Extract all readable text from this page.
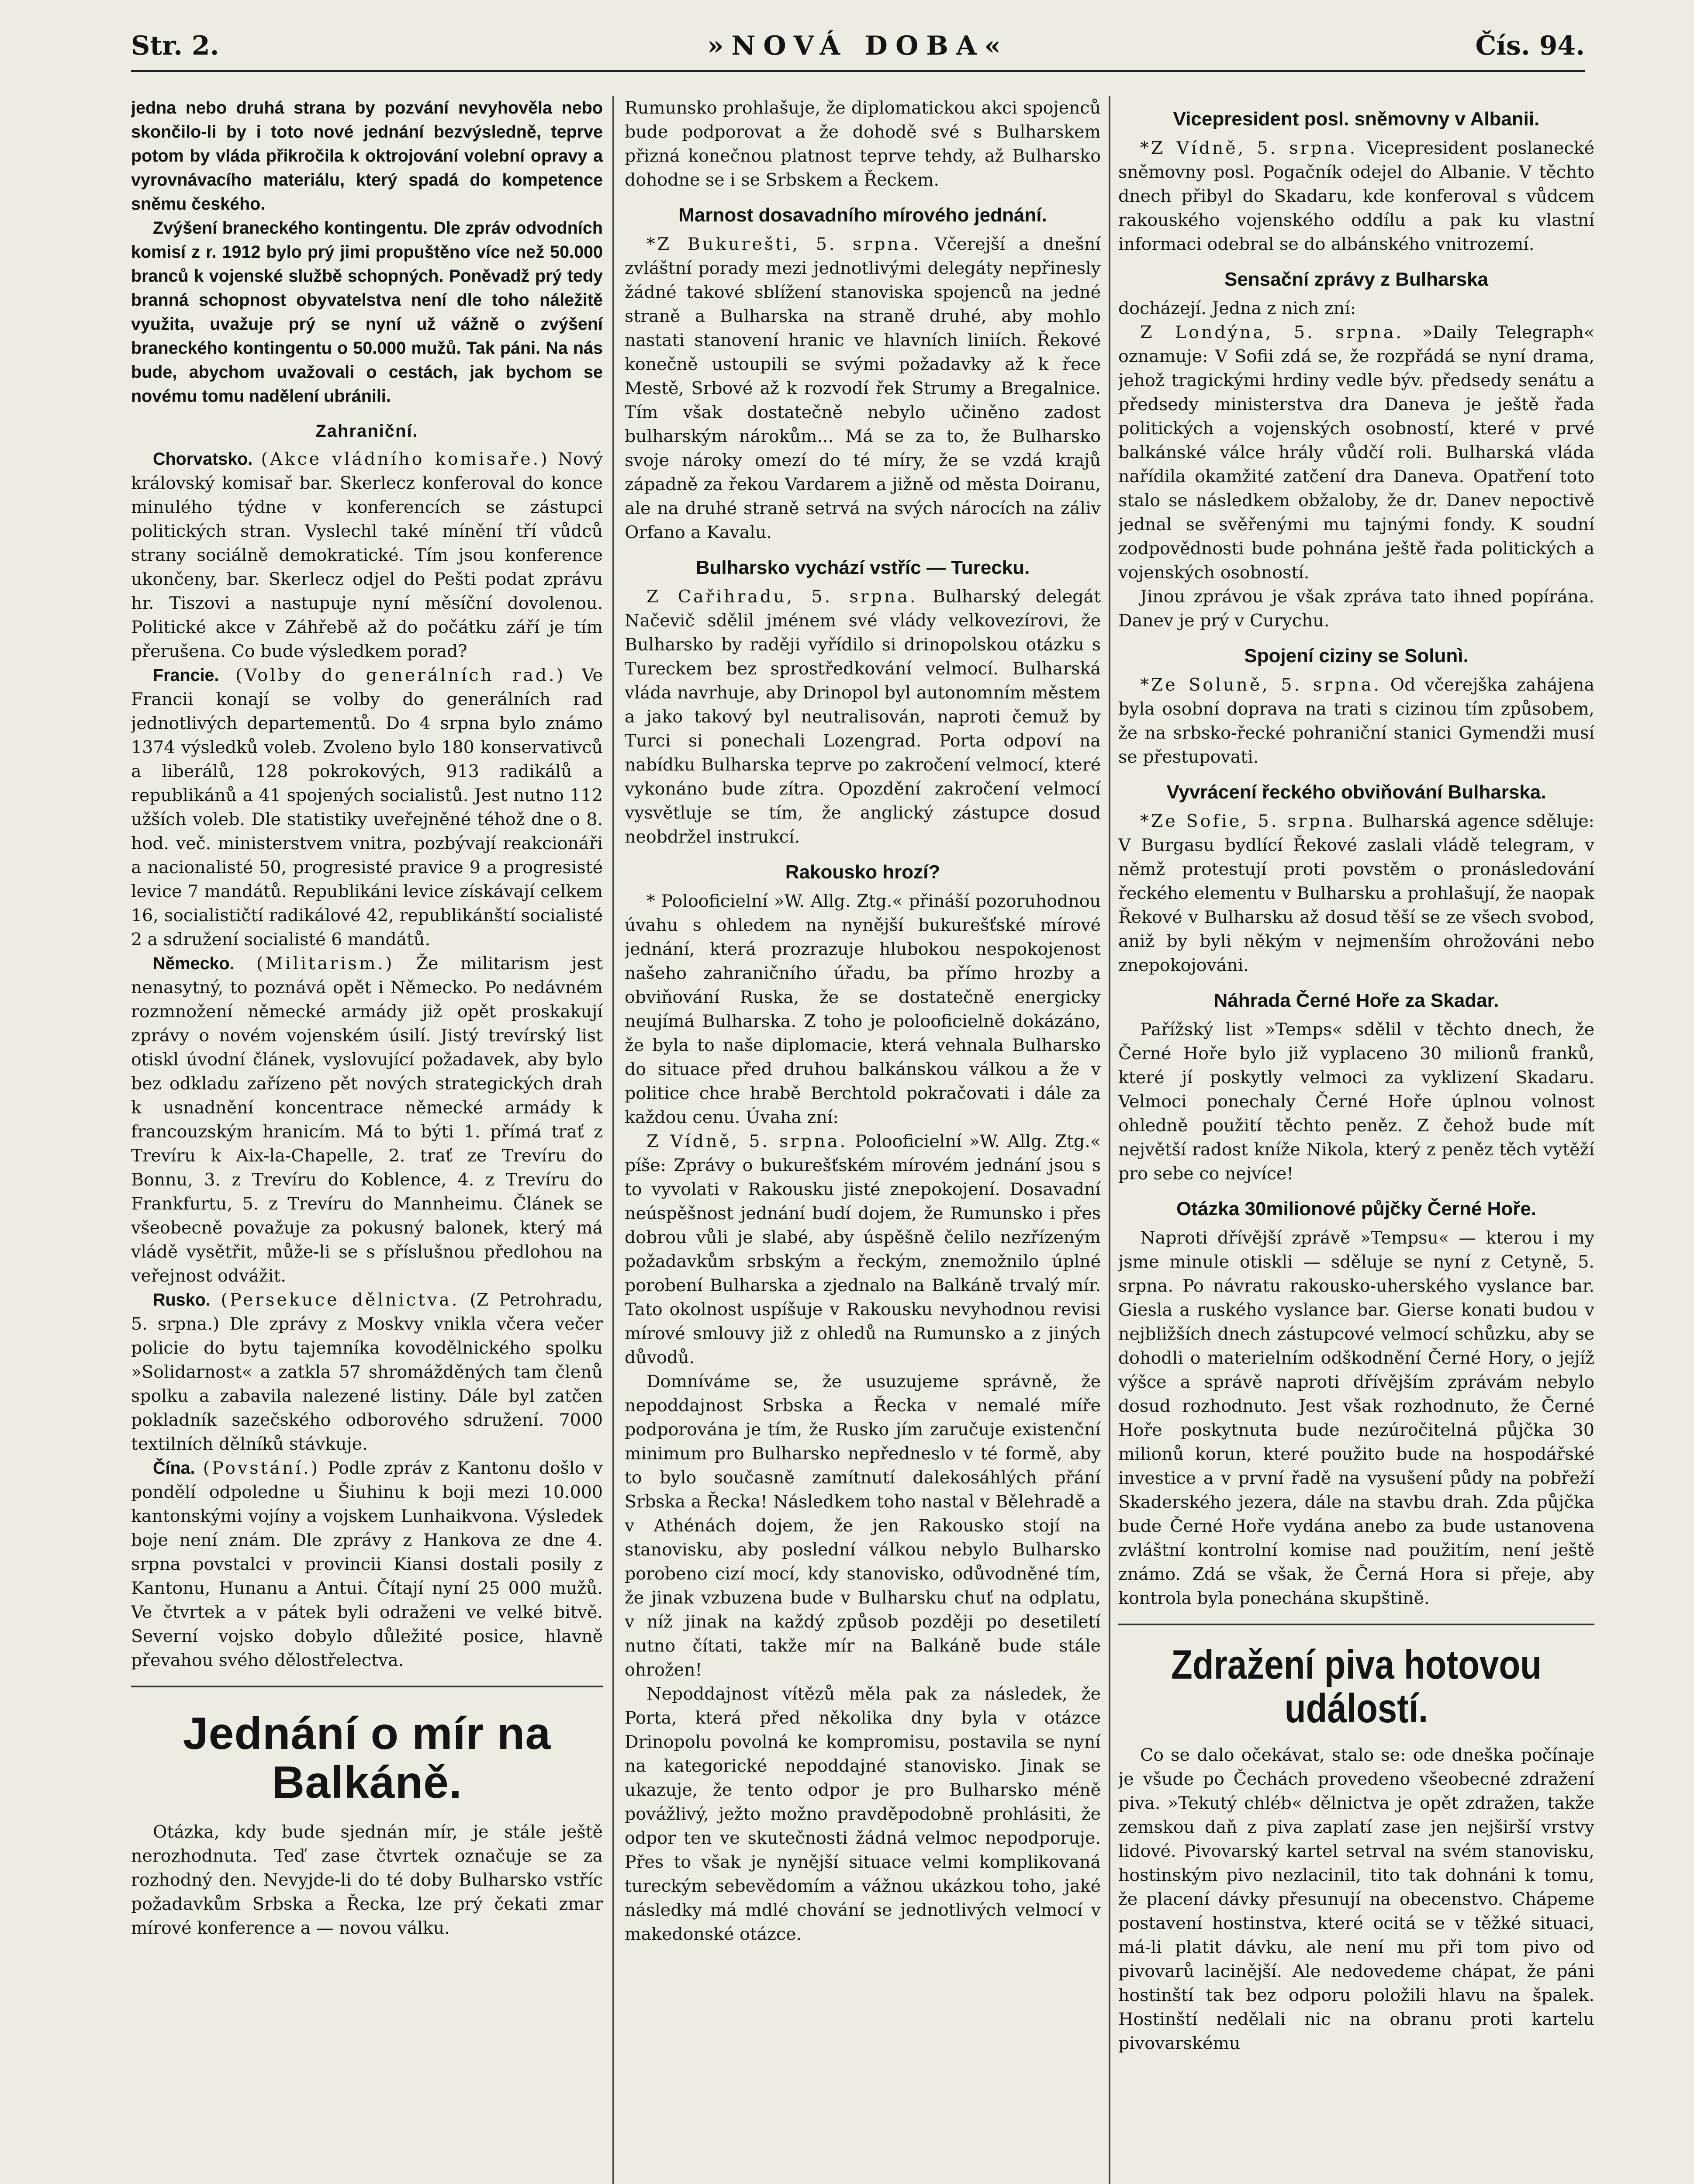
Str. 2.	»NOVÁ DOBA«	Čís. 94.

jedna nebo druhá strana by pozvání nevyhověla nebo skončilo-li by i toto nové jednání bezvýsledně, teprve potom by vláda přikročila k oktrojování volební opravy a vyrovnávacího materiálu, který spadá do kompetence sněmu českého.

Zvýšení braneckého kontingentu. Dle zpráv odvodních komisí z r. 1912 bylo prý jimi propuštěno více než 50.000 branců k vojenské službě schopných. Poněvadž prý tedy branná schopnost obyvatelstva není dle toho náležitě využita, uvažuje prý se nyní už vážně o zvýšení braneckého kontingentu o 50.000 mužů. Tak páni. Na nás bude, abychom uvažovali o cestách, jak bychom se novému tomu nadělení ubránili.

Zahraniční.

Chorvatsko. (Akce vládního komisaře.) Nový královský komisař bar. Skerlecz konferoval do konce minulého týdne v konferencích se zástupci politických stran. Vyslechl také mínění tří vůdců strany sociálně demokratické. Tím jsou konference ukončeny, bar. Skerlecz odjel do Pešti podat zprávu hr. Tiszovi a nastupuje nyní měsíční dovolenou. Politické akce v Záhřebě až do počátku září je tím přerušena. Co bude výsledkem porad?

Francie. (Volby do generálních rad.) Ve Francii konají se volby do generálních rad jednotlivých departementů. Do 4 srpna bylo známo 1374 výsledků voleb. Zvoleno bylo 180 konservativců a liberálů, 128 pokrokových, 913 radikálů a republikánů a 41 spojených socialistů. Jest nutno 112 užších voleb. Dle statistiky uveřejněné téhož dne o 8. hod. več. ministerstvem vnitra, pozbývají reakcionáři a nacionalisté 50, progresisté pravice 9 a progresisté levice 7 mandátů. Republikáni levice získávají celkem 16, socialističtí radikálové 42, republikánští socialisté 2 a sdružení socialisté 6 mandátů.

Německo. (Militarism.) Že militarism jest nenasytný, to poznává opět i Německo. Po nedávném rozmnožení německé armády již opět proskakují zprávy o novém vojenském úsilí. Jistý trevírský list otiskl úvodní článek, vyslovující požadavek, aby bylo bez odkladu zařízeno pět nových strategických drah k usnadnění koncentrace německé armády k francouzským hranicím. Má to býti 1. přímá trať z Trevíru k Aix-la-Chapelle, 2. trať ze Trevíru do Bonnu, 3. z Trevíru do Koblence, 4. z Trevíru do Frankfurtu, 5. z Trevíru do Mannheimu. Článek se všeobecně považuje za pokusný balonek, který má vládě vysětřit, může-li se s příslušnou předlohou na veřejnost odvážit.

Rusko. (Persekuce dělnictva. (Z Petrohradu, 5. srpna.) Dle zprávy z Moskvy vnikla včera večer policie do bytu tajemníka kovodělnického spolku »Solidarnost« a zatkla 57 shromážděných tam členů spolku a zabavila nalezené listiny. Dále byl zatčen pokladník sazečského odborového sdružení. 7000 textilních dělníků stávkuje.

Čína. (Povstání.) Podle zpráv z Kantonu došlo v pondělí odpoledne u Šiuhinu k boji mezi 10.000 kantonskými vojíny a vojskem Lunhaikvona. Výsledek boje není znám. Dle zprávy z Hankova ze dne 4. srpna povstalci v provincii Kiansi dostali posily z Kantonu, Hunanu a Antui. Čítají nyní 25 000 mužů. Ve čtvrtek a v pátek byli odraženi ve velké bitvě. Severní vojsko dobylo důležité posice, hlavně převahou svého dělostřelectva.

Jednání o mír na Balkáně.

Otázka, kdy bude sjednán mír, je stále ještě nerozhodnuta. Teď zase čtvrtek označuje se za rozhodný den. Nevyjde-li do té doby Bulharsko vstříc požadavkům Srbska a Řecka, lze prý čekati zmar mírové konference a — novou válku.

Rumunsko prohlašuje, že diplomatickou akci spojenců bude podporovat a že dohodě své s Bulharskem přizná konečnou platnost teprve tehdy, až Bulharsko dohodne se i se Srbskem a Řeckem.

Marnost dosavadního mírového jednání.

*Z Bukurešti, 5. srpna. Včerejší a dnešní zvláštní porady mezi jednotlivými delegáty nepřinesly žádné takové sblížení stanoviska spojenců na jedné straně a Bulharska na straně druhé, aby mohlo nastati stanovení hranic ve hlavních liniích. Řekové konečně ustoupili se svými požadavky až k řece Mestě, Srbové až k rozvodí řek Strumy a Bregalnice. Tím však dostatečně nebylo učiněno zadost bulharským nárokům... Má se za to, že Bulharsko svoje nároky omezí do té míry, že se vzdá krajů západně za řekou Vardarem a jižně od města Doiranu, ale na druhé straně setrvá na svých nárocích na záliv Orfano a Kavalu.

Bulharsko vychází vstříc — Turecku.

Z Cařihradu, 5. srpna. Bulharský delegát Načevič sdělil jménem své vlády velkovezírovi, že Bulharsko by raději vyřídilo si drinopolskou otázku s Tureckem bez sprostředkování velmocí. Bulharská vláda navrhuje, aby Drinopol byl autonomním městem a jako takový byl neutralisován, naproti čemuž by Turci si ponechali Lozengrad. Porta odpoví na nabídku Bulharska teprve po zakročení velmocí, které vykonáno bude zítra. Opozdění zakročení velmocí vysvětluje se tím, že anglický zástupce dosud neobdržel instrukcí.

Rakousko hrozí?

* Polooficielní »W. Allg. Ztg.« přináší pozoruhodnou úvahu s ohledem na nynější bukurešťské mírové jednání, která prozrazuje hlubokou nespokojenost našeho zahraničního úřadu, ba přímo hrozby a obviňování Ruska, že se dostatečně energicky neujímá Bulharska. Z toho je polooficielně dokázáno, že byla to naše diplomacie, která vehnala Bulharsko do situace před druhou balkánskou válkou a že v politice chce hrabě Berchtold pokračovati i dále za každou cenu. Úvaha zní:

Z Vídně, 5. srpna. Polooficielní »W. Allg. Ztg.« píše: Zprávy o bukurešťském mírovém jednání jsou s to vyvolati v Rakousku jisté znepokojení. Dosavadní neúspěšnost jednání budí dojem, že Rumunsko i přes dobrou vůli je slabé, aby úspěšně čelilo nezřízeným požadavkům srbským a řeckým, znemožnilo úplné porobení Bulharska a zjednalo na Balkáně trvalý mír. Tato okolnost uspíšuje v Rakousku nevyhodnou revisi mírové smlouvy již z ohledů na Rumunsko a z jiných důvodů.

Domníváme se, že usuzujeme správně, že nepoddajnost Srbska a Řecka v nemalé míře podporována je tím, že Rusko jím zaručuje existenční minimum pro Bulharsko nepředneslo v té formě, aby to bylo současně zamítnutí dalekosáhlých přání Srbska a Řecka! Následkem toho nastal v Bělehradě a v Athénách dojem, že jen Rakousko stojí na stanovisku, aby poslední válkou nebylo Bulharsko porobeno cizí mocí, kdy stanovisko, odůvodněné tím, že jinak vzbuzena bude v Bulharsku chuť na odplatu, v níž jinak na každý způsob později po desetiletí nutno čítati, takže mír na Balkáně bude stále ohrožen!

Nepoddajnost vítězů měla pak za následek, že Porta, která před několika dny byla v otázce Drinopolu povolná ke kompromisu, postavila se nyní na kategorické nepoddajné stanovisko. Jinak se ukazuje, že tento odpor je pro Bulharsko méně povážlivý, ježto možno pravděpodobně prohlásiti, že odpor ten ve skutečnosti žádná velmoc nepodporuje. Přes to však je nynější situace velmi komplikovaná tureckým sebevědomím a vážnou ukázkou toho, jaké následky má mdlé chování se jednotlivých velmocí v makedonské otázce.

Vicepresident posl. sněmovny v Albanii.

*Z Vídně, 5. srpna. Vicepresident poslanecké sněmovny posl. Pogačník odejel do Albanie. V těchto dnech přibyl do Skadaru, kde konferoval s vůdcem rakouského vojenského oddílu a pak ku vlastní informaci odebral se do albánského vnitrozemí.

Sensační zprávy z Bulharska

docházejí. Jedna z nich zní:

Z Londýna, 5. srpna. »Daily Telegraph« oznamuje: V Sofii zdá se, že rozpřádá se nyní drama, jehož tragickými hrdiny vedle býv. předsedy senátu a předsedy ministerstva dra Daneva je ještě řada politických a vojenských osobností, které v prvé balkánské válce hrály vůdčí roli. Bulharská vláda nařídila okamžité zatčení dra Daneva. Opatření toto stalo se následkem obžaloby, že dr. Danev nepoctivě jednal se svěřenými mu tajnými fondy. K soudní zodpovědnosti bude pohnána ještě řada politických a vojenských osobností.

Jinou zprávou je však zpráva tato ihned popírána. Danev je prý v Curychu.

Spojení ciziny se Solunì.

*Ze Soluně, 5. srpna. Od včerejška zahájena byla osobní doprava na trati s cizinou tím způsobem, že na srbsko-řecké pohraniční stanici Gymendži musí se přestupovati.

Vyvrácení řeckého obviňování Bulharska.

*Ze Sofie, 5. srpna. Bulharská agence sděluje: V Burgasu bydlící Řekové zaslali vládě telegram, v němž protestují proti povstěm o pronásledování řeckého elementu v Bulharsku a prohlašují, že naopak Řekové v Bulharsku až dosud těší se ze všech svobod, aniž by byli někým v nejmenším ohrožováni nebo znepokojováni.

Náhrada Černé Hoře za Skadar.

Pařížský list »Temps« sdělil v těchto dnech, že Černé Hoře bylo již vyplaceno 30 milionů franků, které jí poskytly velmoci za vyklizení Skadaru. Velmoci ponechaly Černé Hoře úplnou volnost ohledně použití těchto peněz. Z čehož bude mít největší radost kníže Nikola, který z peněz těch vytěží pro sebe co nejvíce!

Otázka 30milionové půjčky Černé Hoře.

Naproti dřívější zprávě »Tempsu« — kterou i my jsme minule otiskli — sděluje se nyní z Cetyně, 5. srpna. Po návratu rakousko-uherského vyslance bar. Giesla a ruského vyslance bar. Gierse konati budou v nejbližších dnech zástupcové velmocí schůzku, aby se dohodli o materielním odškodnění Černé Hory, o jejíž výšce a správě naproti dřívějším zprávám nebylo dosud rozhodnuto. Jest však rozhodnuto, že Černé Hoře poskytnuta bude nezúročitelná půjčka 30 milionů korun, které použito bude na hospodářské investice a v první řadě na vysušení půdy na pobřeží Skaderského jezera, dále na stavbu drah. Zda půjčka bude Černé Hoře vydána anebo za bude ustanovena zvláštní kontrolní komise nad použitím, není ještě známo. Zdá se však, že Černá Hora si přeje, aby kontrola byla ponechána skupštině.

Zdražení piva hotovou událostí.

Co se dalo očekávat, stalo se: ode dneška počínaje je všude po Čechách provedeno všeobecné zdražení piva. »Tekutý chléb« dělnictva je opět zdražen, takže zemskou daň z piva zaplatí zase jen nejširší vrstvy lidové. Pivovarský kartel setrval na svém stanovisku, hostinským pivo nezlacinil, tito tak dohnáni k tomu, že placení dávky přesunují na obecenstvo. Chápeme postavení hostinstva, které ocitá se v těžké situaci, má-li platit dávku, ale není mu při tom pivo od pivovarů lacinější. Ale nedovedeme chápat, že páni hostinští tak bez odporu položili hlavu na špalek. Hostinští nedělali nic na obranu proti kartelu pivovarskému
